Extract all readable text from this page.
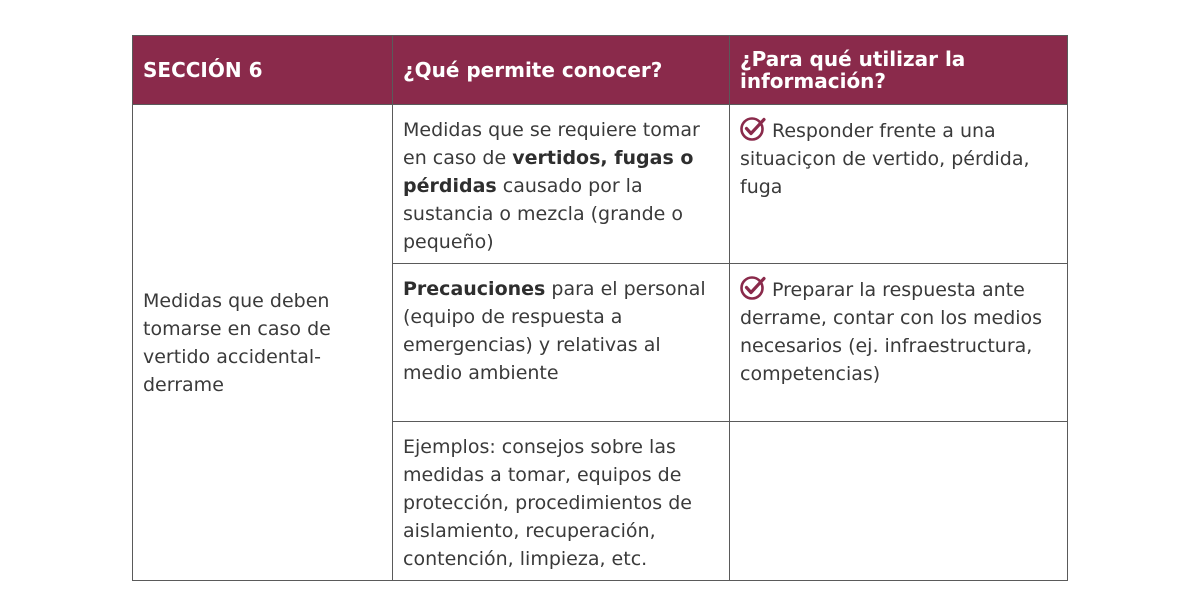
SECCIÓN 6	¿Qué permite conocer?	¿Para qué utilizar la información?
Medidas que deben tomarse en caso de vertido accidental-derrame	Medidas que se requiere tomar en caso de vertidos, fugas o pérdidas causado por la sustancia o mezcla (grande o pequeño)	Responder frente a una situaciçon de vertido, pérdida, fuga
	Precauciones para el personal (equipo de respuesta a emergencias) y relativas al medio ambiente	Preparar la respuesta ante derrame, contar con los medios necesarios (ej. infraestructura, competencias)
	Ejemplos: consejos sobre las medidas a tomar, equipos de protección, procedimientos de aislamiento, recuperación, contención, limpieza, etc.	
